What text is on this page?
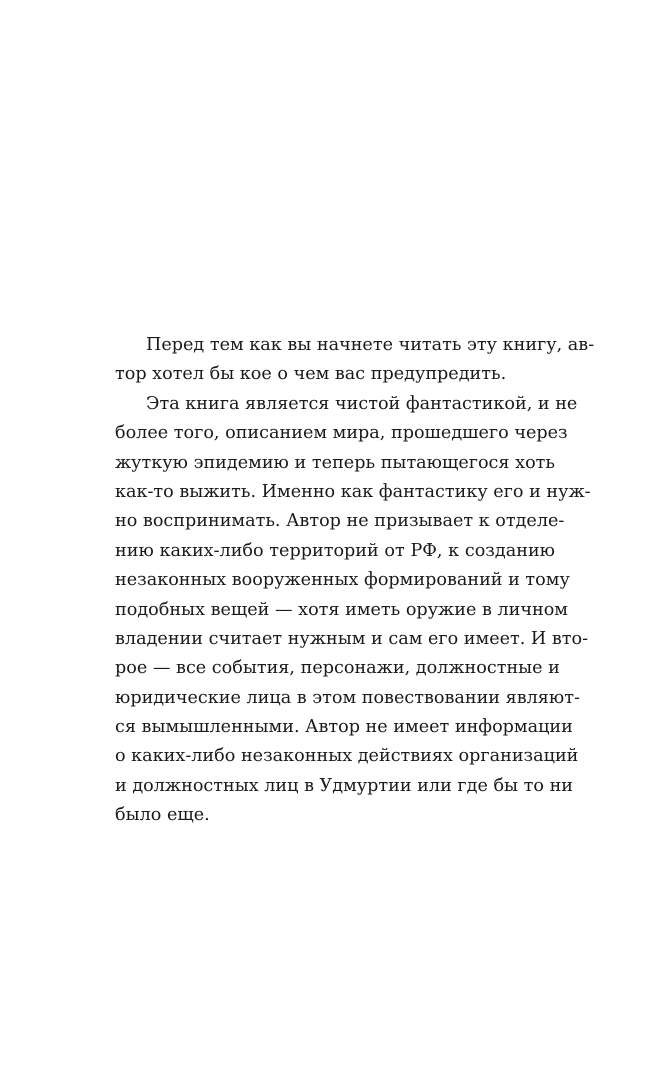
Перед тем как вы начнете читать эту книгу, ав-
тор хотел бы кое о чем вас предупредить.
Эта книга является чистой фантастикой, и не
более того, описанием мира, прошедшего через
жуткую эпидемию и теперь пытающегося хоть
как-то выжить. Именно как фантастику его и нуж-
но воспринимать. Автор не призывает к отделе-
нию каких-либо территорий от РФ, к созданию
незаконных вооруженных формирований и тому
подобных вещей — хотя иметь оружие в личном
владении считает нужным и сам его имеет. И вто-
рое — все события, персонажи, должностные и
юридические лица в этом повествовании являют-
ся вымышленными. Автор не имеет информации
о каких-либо незаконных действиях организаций
и должностных лиц в Удмуртии или где бы то ни
было еще.
